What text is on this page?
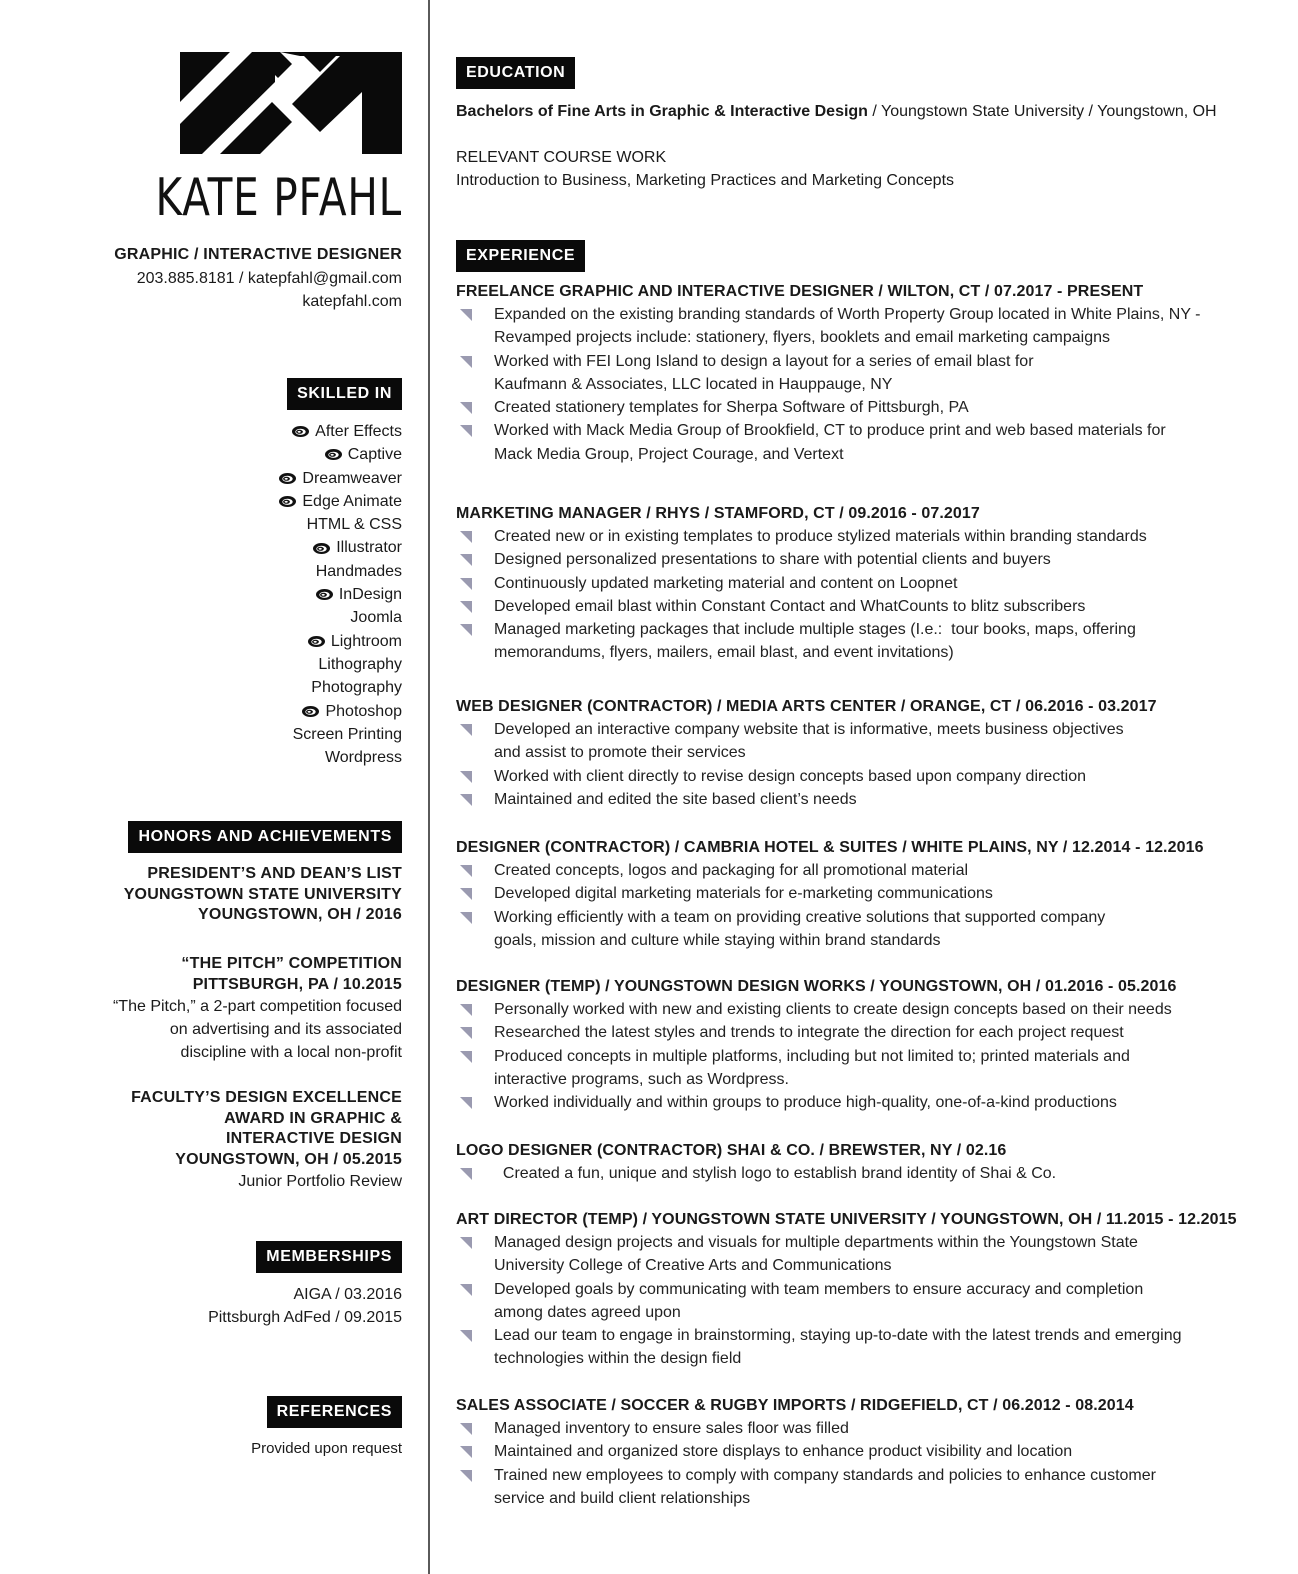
KATE PFAHL
GRAPHIC / INTERACTIVE DESIGNER
203.885.8181 / katepfahl@gmail.com
katepfahl.com
SKILLED IN
After Effects
Captive
Dreamweaver
Edge Animate
HTML & CSS
Illustrator
Handmades
InDesign
Joomla
Lightroom
Lithography
Photography
Photoshop
Screen Printing
Wordpress
HONORS AND ACHIEVEMENTS
PRESIDENT’S AND DEAN’S LIST
YOUNGSTOWN STATE UNIVERSITY
YOUNGSTOWN, OH / 2016
“THE PITCH” COMPETITION
PITTSBURGH, PA / 10.2015
“The Pitch,” a 2-part competition focused
on advertising and its associated
discipline with a local non-profit
FACULTY’S DESIGN EXCELLENCE
AWARD IN GRAPHIC &
INTERACTIVE DESIGN
YOUNGSTOWN, OH / 05.2015
Junior Portfolio Review
MEMBERSHIPS
AIGA / 03.2016
Pittsburgh AdFed / 09.2015
REFERENCES
Provided upon request
EDUCATION
Bachelors of Fine Arts in Graphic & Interactive Design / Youngstown State University / Youngstown, OH
RELEVANT COURSE WORK
Introduction to Business, Marketing Practices and Marketing Concepts
EXPERIENCE
FREELANCE GRAPHIC AND INTERACTIVE DESIGNER / WILTON, CT / 07.2017 - PRESENT
Expanded on the existing branding standards of Worth Property Group located in White Plains, NY -
Revamped projects include: stationery, flyers, booklets and email marketing campaigns
Worked with FEI Long Island to design a layout for a series of email blast for
Kaufmann & Associates, LLC located in Hauppauge, NY
Created stationery templates for Sherpa Software of Pittsburgh, PA
Worked with Mack Media Group of Brookfield, CT to produce print and web based materials for
Mack Media Group, Project Courage, and Vertext
MARKETING MANAGER / RHYS / STAMFORD, CT / 09.2016 - 07.2017
Created new or in existing templates to produce stylized materials within branding standards
Designed personalized presentations to share with potential clients and buyers
Continuously updated marketing material and content on Loopnet
Developed email blast within Constant Contact and WhatCounts to blitz subscribers
Managed marketing packages that include multiple stages (I.e.:  tour books, maps, offering
memorandums, flyers, mailers, email blast, and event invitations)
WEB DESIGNER (CONTRACTOR) / MEDIA ARTS CENTER / ORANGE, CT / 06.2016 - 03.2017
Developed an interactive company website that is informative, meets business objectives
and assist to promote their services
Worked with client directly to revise design concepts based upon company direction
Maintained and edited the site based client’s needs
DESIGNER (CONTRACTOR) / CAMBRIA HOTEL & SUITES / WHITE PLAINS, NY / 12.2014 - 12.2016
Created concepts, logos and packaging for all promotional material
Developed digital marketing materials for e-marketing communications
Working efficiently with a team on providing creative solutions that supported company
goals, mission and culture while staying within brand standards
DESIGNER (TEMP) / YOUNGSTOWN DESIGN WORKS / YOUNGSTOWN, OH / 01.2016 - 05.2016
Personally worked with new and existing clients to create design concepts based on their needs
Researched the latest styles and trends to integrate the direction for each project request
Produced concepts in multiple platforms, including but not limited to; printed materials and
interactive programs, such as Wordpress.
Worked individually and within groups to produce high-quality, one-of-a-kind productions
LOGO DESIGNER (CONTRACTOR) SHAI & CO. / BREWSTER, NY / 02.16
Created a fun, unique and stylish logo to establish brand identity of Shai & Co.
ART DIRECTOR (TEMP) / YOUNGSTOWN STATE UNIVERSITY / YOUNGSTOWN, OH / 11.2015 - 12.2015
Managed design projects and visuals for multiple departments within the Youngstown State
University College of Creative Arts and Communications
Developed goals by communicating with team members to ensure accuracy and completion
among dates agreed upon
Lead our team to engage in brainstorming, staying up-to-date with the latest trends and emerging
technologies within the design field
SALES ASSOCIATE / SOCCER & RUGBY IMPORTS / RIDGEFIELD, CT / 06.2012 - 08.2014
Managed inventory to ensure sales floor was filled
Maintained and organized store displays to enhance product visibility and location
Trained new employees to comply with company standards and policies to enhance customer
service and build client relationships
